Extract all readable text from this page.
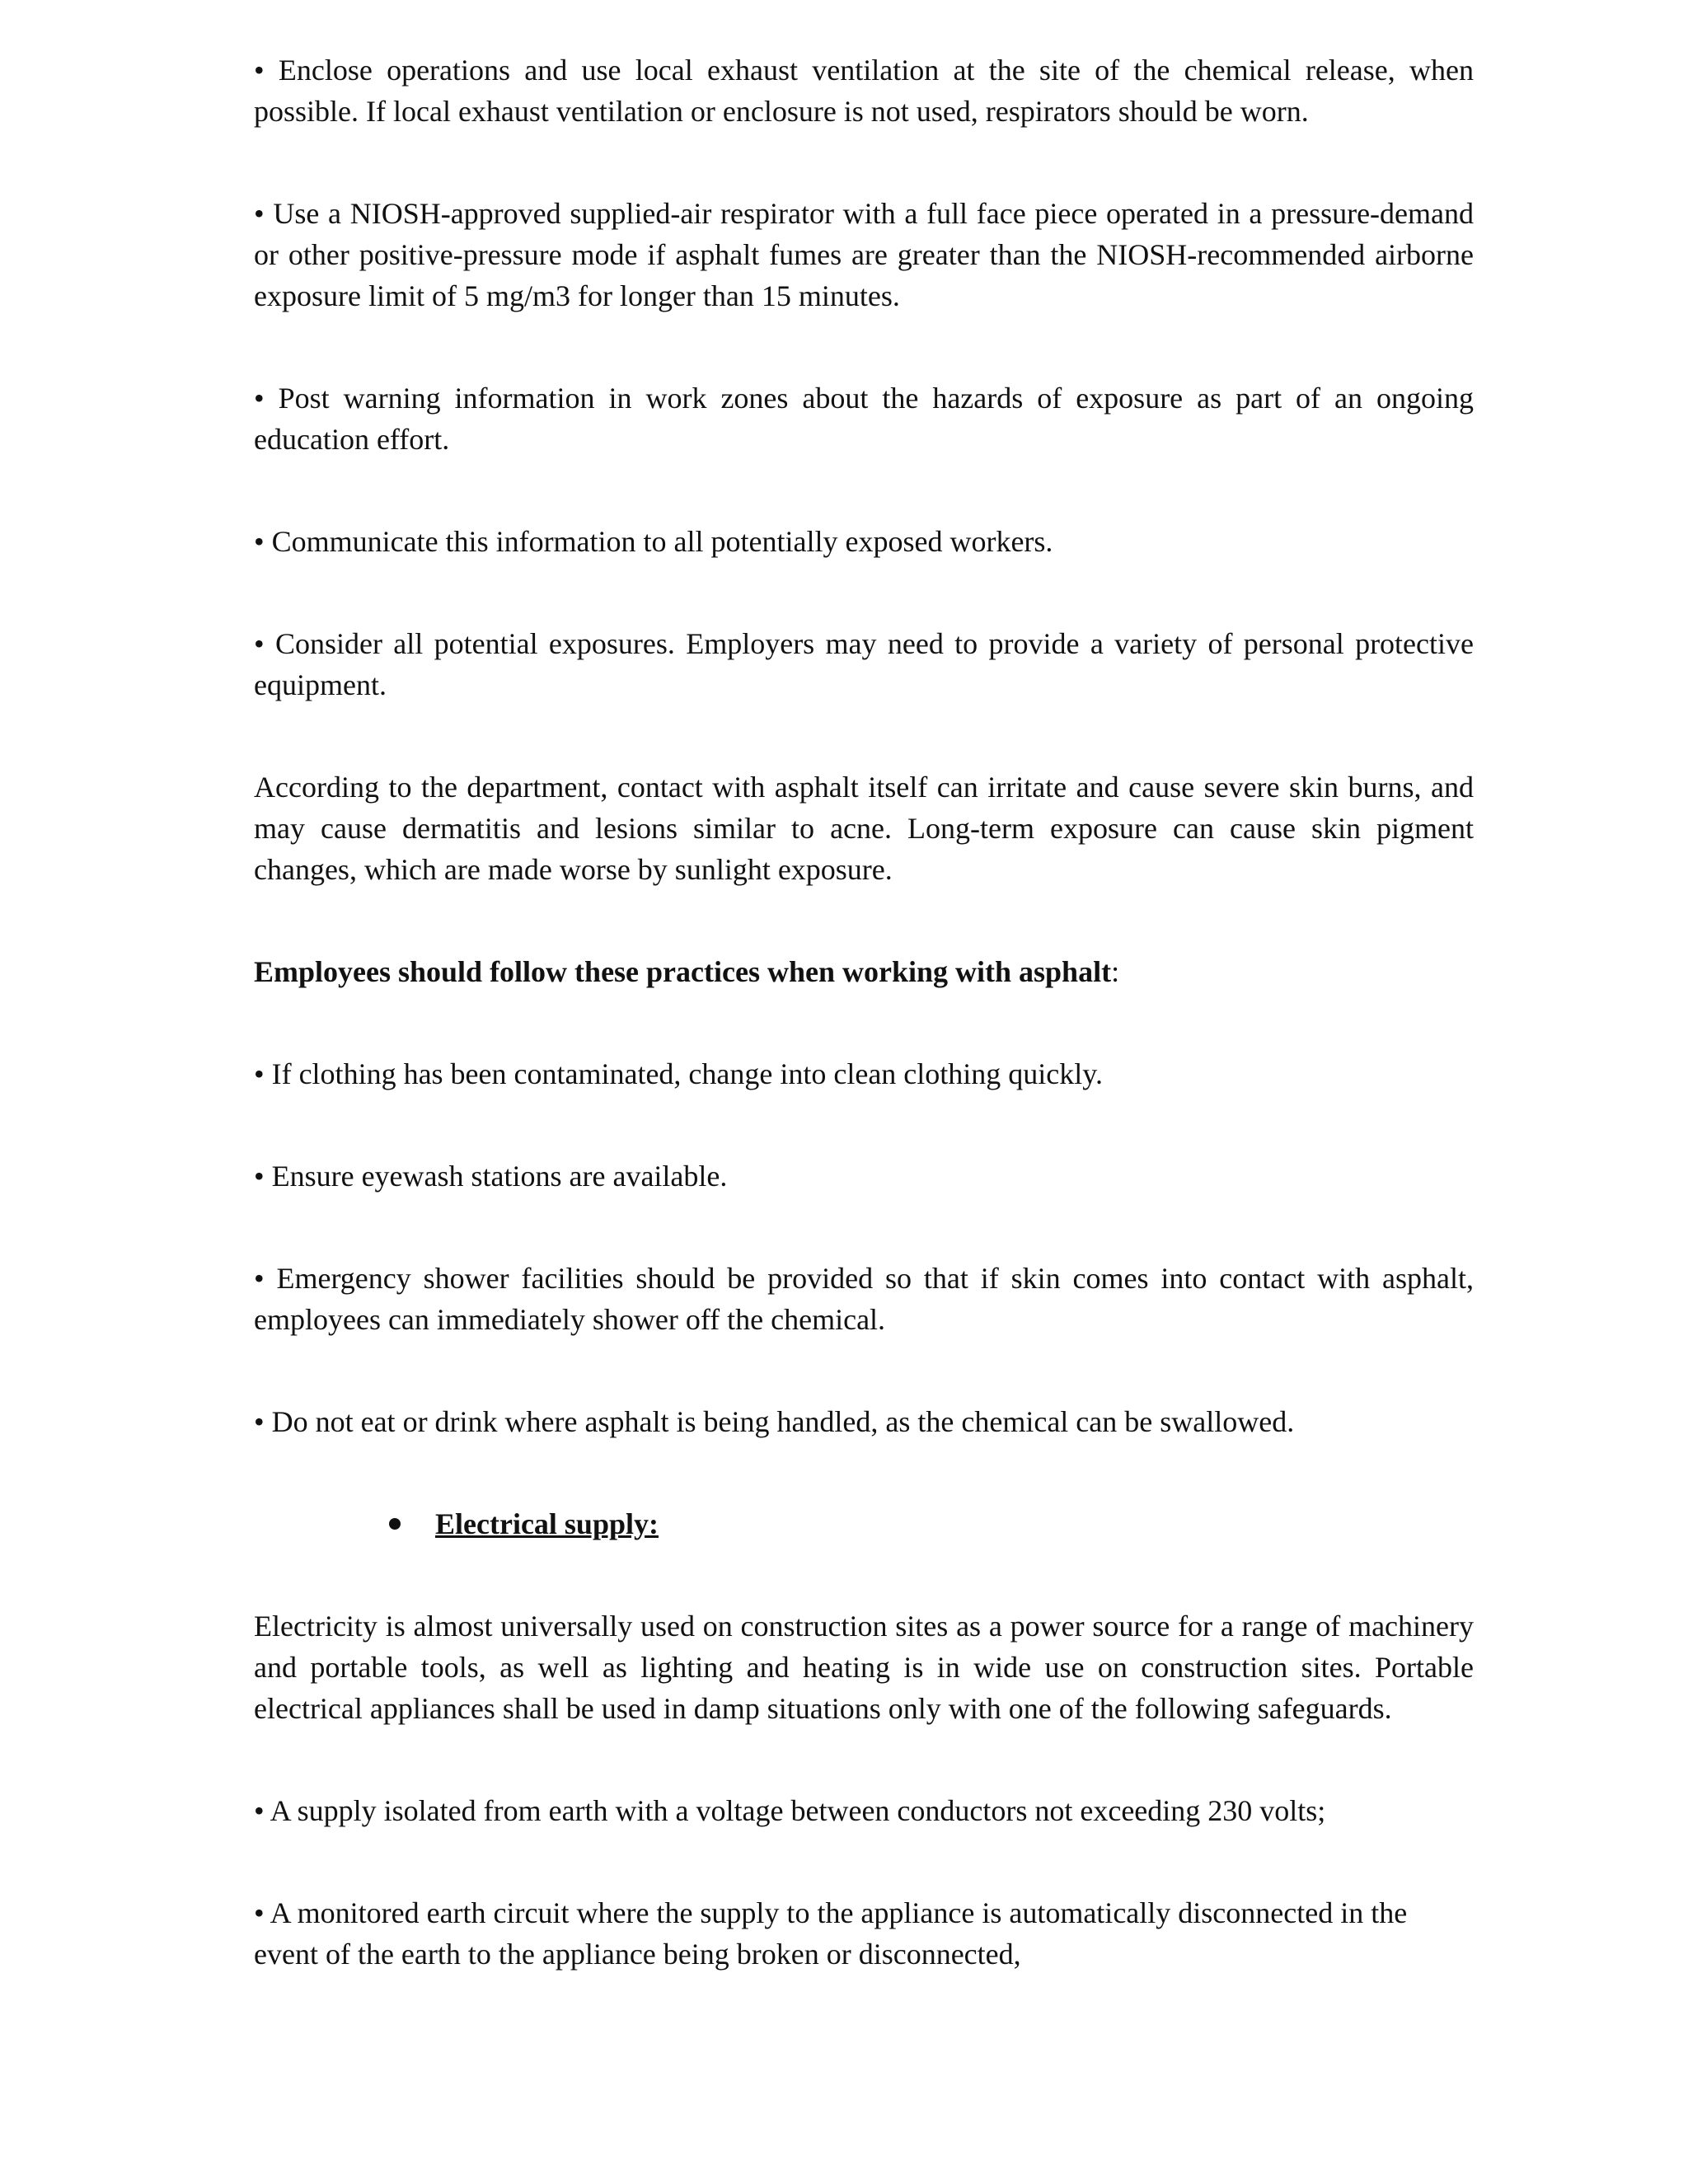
• Enclose operations and use local exhaust ventilation at the site of the chemical release, when possible. If local exhaust ventilation or enclosure is not used, respirators should be worn.

• Use a NIOSH-approved supplied-air respirator with a full face piece operated in a pressure-demand or other positive-pressure mode if asphalt fumes are greater than the NIOSH-recommended airborne exposure limit of 5 mg/m3 for longer than 15 minutes.

• Post warning information in work zones about the hazards of exposure as part of an ongoing education effort.

• Communicate this information to all potentially exposed workers.

• Consider all potential exposures. Employers may need to provide a variety of personal protective equipment.

According to the department, contact with asphalt itself can irritate and cause severe skin burns, and may cause dermatitis and lesions similar to acne. Long-term exposure can cause skin pigment changes, which are made worse by sunlight exposure.

Employees should follow these practices when working with asphalt:

• If clothing has been contaminated, change into clean clothing quickly.

• Ensure eyewash stations are available.

• Emergency shower facilities should be provided so that if skin comes into contact with asphalt, employees can immediately shower off the chemical.

• Do not eat or drink where asphalt is being handled, as the chemical can be swallowed.

Electrical supply:

Electricity is almost universally used on construction sites as a power source for a range of machinery and portable tools, as well as lighting and heating is in wide use on construction sites. Portable electrical appliances shall be used in damp situations only with one of the following safeguards.

• A supply isolated from earth with a voltage between conductors not exceeding 230 volts;

• A monitored earth circuit where the supply to the appliance is automatically disconnected in the event of the earth to the appliance being broken or disconnected,
